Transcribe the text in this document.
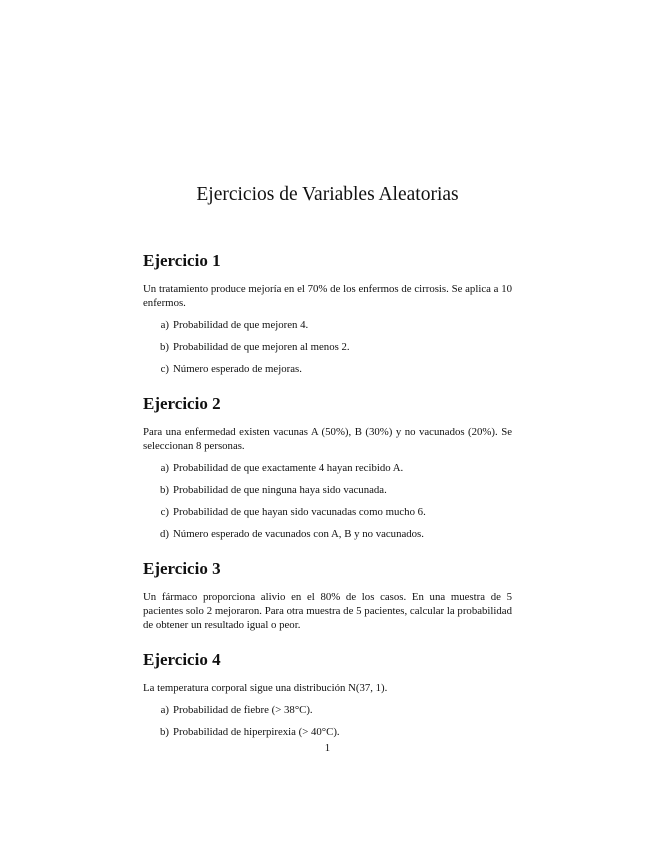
Ejercicios de Variables Aleatorias
Ejercicio 1

Un tratamiento produce mejoría en el 70% de los enfermos de cirrosis. Se aplica a 10 enfermos.

a) Probabilidad de que mejoren 4.
b) Probabilidad de que mejoren al menos 2.
c) Número esperado de mejoras.
Ejercicio 2

Para una enfermedad existen vacunas A (50%), B (30%) y no vacunados (20%). Se seleccionan 8 personas.

a) Probabilidad de que exactamente 4 hayan recibido A.
b) Probabilidad de que ninguna haya sido vacunada.
c) Probabilidad de que hayan sido vacunadas como mucho 6.
d) Número esperado de vacunados con A, B y no vacunados.
Ejercicio 3

Un fármaco proporciona alivio en el 80% de los casos. En una muestra de 5 pacientes solo 2 mejoraron. Para otra muestra de 5 pacientes, calcular la probabilidad de obtener un resultado igual o peor.

Ejercicio 4

La temperatura corporal sigue una distribución N(37, 1).

a) Probabilidad de fiebre (> 38°C).
b) Probabilidad de hiperpirexia (> 40°C).
1
